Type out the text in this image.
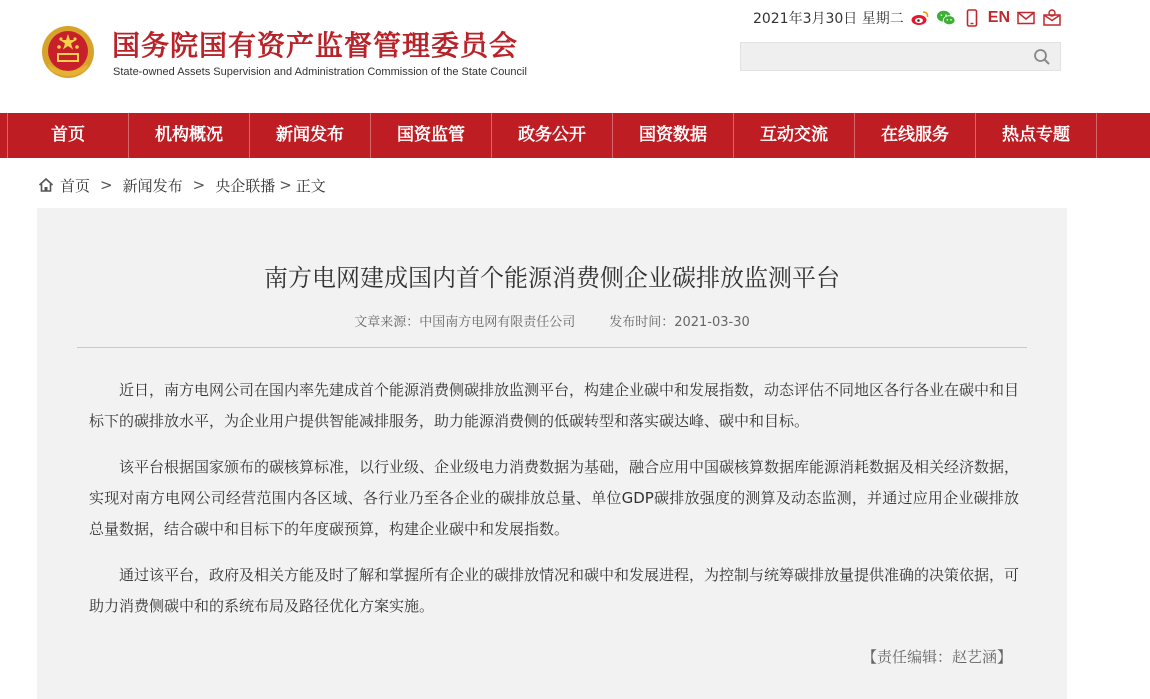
国务院国有资产监督管理委员会
State-owned Assets Supervision and Administration Commission of the State Council
2021年3月30日 星期二	EN
首页	机构概况	新闻发布	国资监管	政务公开	国资数据	互动交流	在线服务	热点专题
首页 > 新闻发布 > 央企联播 > 正文
南方电网建成国内首个能源消费侧企业碳排放监测平台
文章来源：中国南方电网有限责任公司	发布时间：2021-03-30

近日，南方电网公司在国内率先建成首个能源消费侧碳排放监测平台，构建企业碳中和发展指数，动态评估不同地区各行各业在碳中和目标下的碳排放水平，为企业用户提供智能减排服务，助力能源消费侧的低碳转型和落实碳达峰、碳中和目标。

该平台根据国家颁布的碳核算标准，以行业级、企业级电力消费数据为基础，融合应用中国碳核算数据库能源消耗数据及相关经济数据，实现对南方电网公司经营范围内各区域、各行业乃至各企业的碳排放总量、单位GDP碳排放强度的测算及动态监测，并通过应用企业碳排放总量数据，结合碳中和目标下的年度碳预算，构建企业碳中和发展指数。

通过该平台，政府及相关方能及时了解和掌握所有企业的碳排放情况和碳中和发展进程，为控制与统筹碳排放量提供准确的决策依据，可助力消费侧碳中和的系统布局及路径优化方案实施。

【责任编辑：赵艺涵】
